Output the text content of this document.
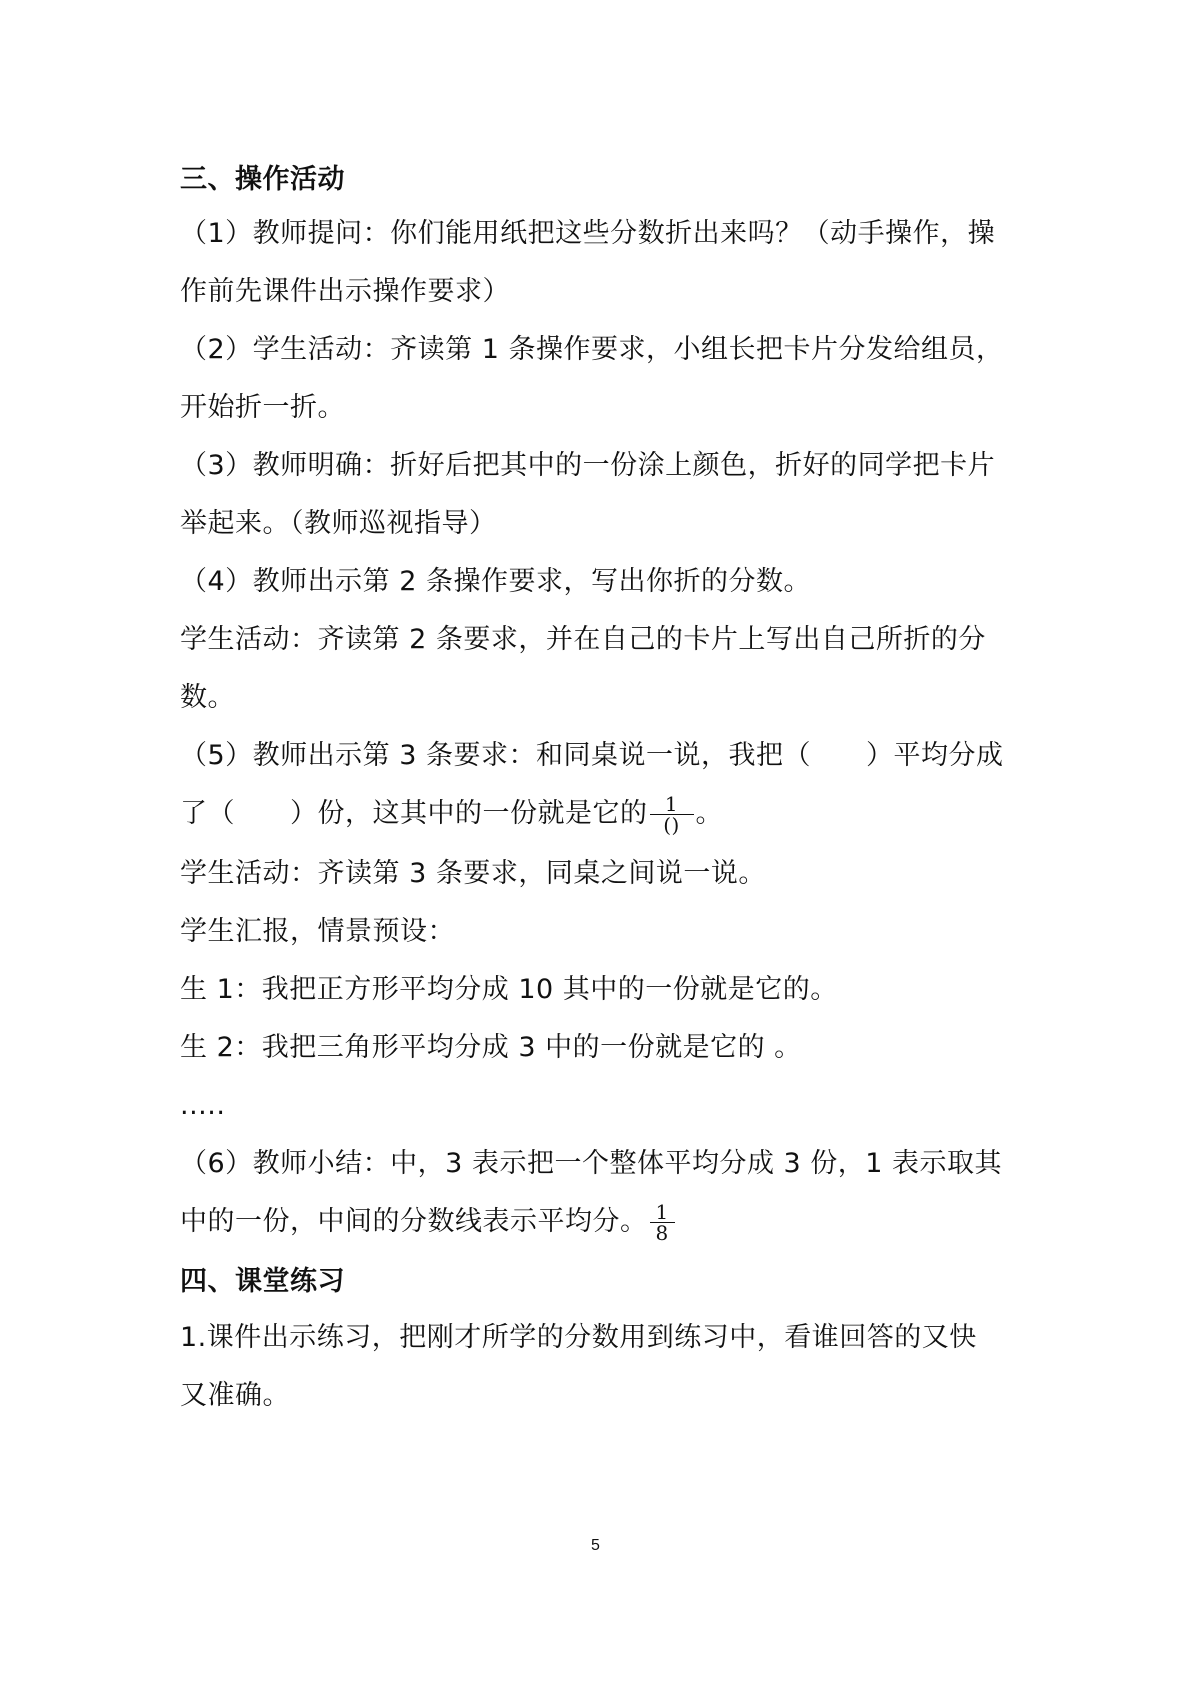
三、操作活动
（1）教师提问：你们能用纸把这些分数折出来吗？（动手操作，操
作前先课件出示操作要求）
（2）学生活动：齐读第 1 条操作要求，小组长把卡片分发给组员，
开始折一折。
（3）教师明确：折好后把其中的一份涂上颜色，折好的同学把卡片
举起来。（教师巡视指导）
（4）教师出示第 2 条操作要求，写出你折的分数。
学生活动：齐读第 2 条要求，并在自己的卡片上写出自己所折的分
数。
（5）教师出示第 3 条要求：和同桌说一说，我把（　　）平均分成
了（　　）份，这其中的一份就是它的 $\frac{1}{()}$ 。
学生活动：齐读第 3 条要求，同桌之间说一说。
学生汇报，情景预设：
生 1：我把正方形平均分成 10 其中的一份就是它的。
生 2：我把三角形平均分成 3 中的一份就是它的 。
.....
（6）教师小结：中，3 表示把一个整体平均分成 3 份，1 表示取其
中的一份，中间的分数线表示平均分。 $\frac{1}{8}$
四、课堂练习
1.课件出示练习，把刚才所学的分数用到练习中，看谁回答的又快
又准确。
5
